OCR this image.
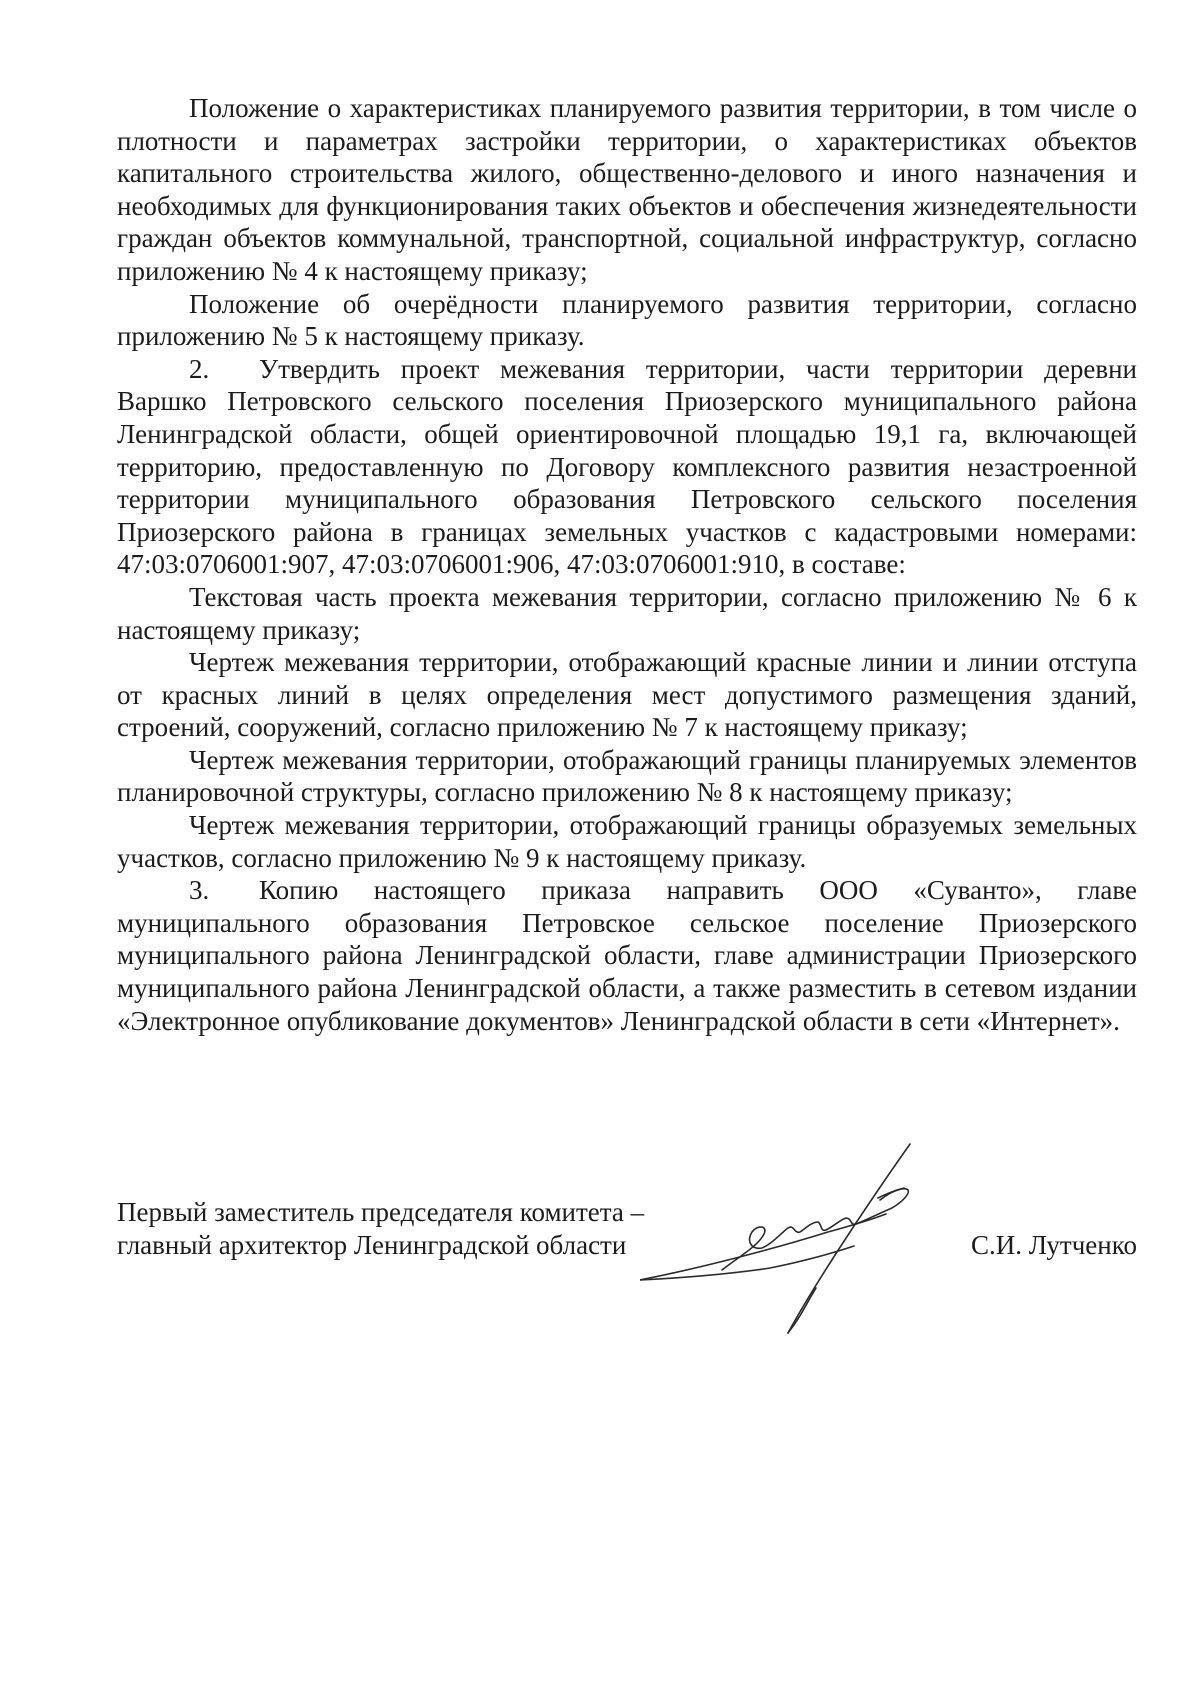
Положение о характеристиках планируемого развития территории, в том числе о плотности и параметрах застройки территории, о характеристиках объектов капитального строительства жилого, общественно-делового и иного назначения и необходимых для функционирования таких объектов и обеспечения жизнедеятельности граждан объектов коммунальной, транспортной, социальной инфраструктур, согласно приложению № 4 к настоящему приказу;

Положение об очерёдности планируемого развития территории, согласно приложению № 5 к настоящему приказу.

2. Утвердить проект межевания территории, части территории деревни Варшко Петровского сельского поселения Приозерского муниципального района Ленинградской области, общей ориентировочной площадью 19,1 га, включающей территорию, предоставленную по Договору комплексного развития незастроенной территории муниципального образования Петровского сельского поселения Приозерского района в границах земельных участков с кадастровыми номерами: 47:03:0706001:907, 47:03:0706001:906, 47:03:0706001:910, в составе:

Текстовая часть проекта межевания территории, согласно приложению № 6 к настоящему приказу;

Чертеж межевания территории, отображающий красные линии и линии отступа от красных линий в целях определения мест допустимого размещения зданий, строений, сооружений, согласно приложению № 7 к настоящему приказу;

Чертеж межевания территории, отображающий границы планируемых элементов планировочной структуры, согласно приложению № 8 к настоящему приказу;

Чертеж межевания территории, отображающий границы образуемых земельных участков, согласно приложению № 9 к настоящему приказу.

3. Копию настоящего приказа направить ООО «Суванто», главе муниципального образования Петровское сельское поселение Приозерского муниципального района Ленинградской области, главе администрации Приозерского муниципального района Ленинградской области, а также разместить в сетевом издании «Электронное опубликование документов» Ленинградской области в сети «Интернет».

Первый заместитель председателя комитета –
главный архитектор Ленинградской области	С.И. Лутченко
